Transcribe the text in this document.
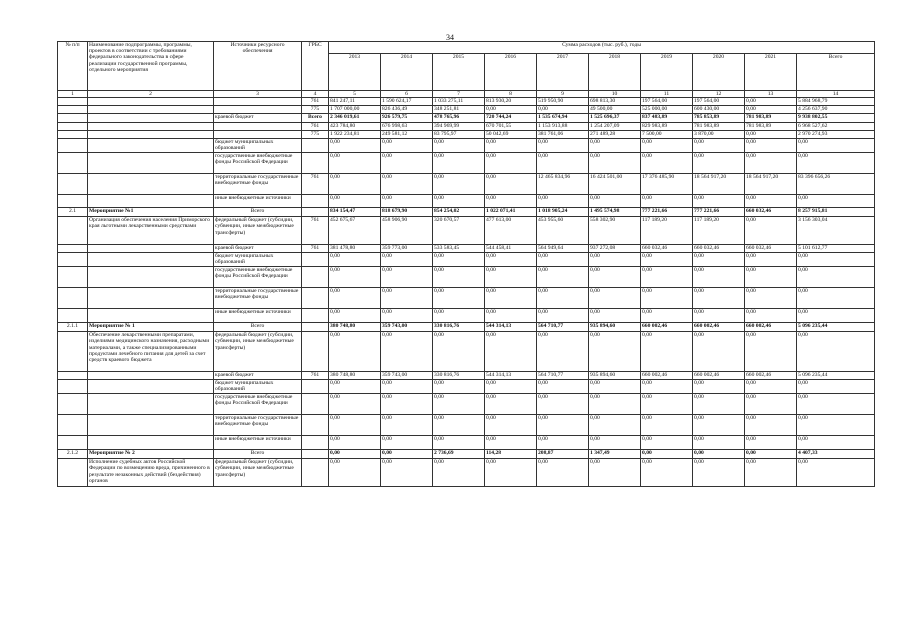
34
№ п/п	Наименование подпрограммы, программы, проектов в соответствии с требованиями федерального законодательства в сфере реализации государственной программы, отдельного мероприятия	Источники ресурсного обеспечения	ГРБС	Сумма расходов (тыс. руб.), годы									
				2013	2014	2015	2016	2017	2018	2019	2020	2021	Всего
1	2	3	4	5	6	7	8	9	10	11	12	13	14
			761	841 247,11	1 590 624,17	1 033 275,11	813 930,20	519 950,90	698 813,30	197 564,00	197 564,00	0,00	5 884 968,79
			775	1 707 000,00	826 436,49	348 251,81	0,00	0,00	49 500,00	525 000,00	600 430,00	0,00	4 256 637,90
		краевой бюджет	Всего	2 346 019,61	926 579,75	478 765,96	720 744,24	1 535 674,94	1 525 696,37	837 483,89	785 853,89	781 983,89	9 938 802,55
			761	423 784,80	676 998,63	394 969,99	670 701,55	1 153 913,88	1 254 207,09	829 983,89	781 983,89	781 983,89	6 968 527,62
			775	1 922 234,81	249 581,12	83 795,97	50 042,69	381 761,06	271 489,28	7 500,00	3 870,00	0,00	2 970 274,93
		бюджет муниципальных образований		0,00	0,00	0,00	0,00	0,00	0,00	0,00	0,00	0,00	0,00
		государственные внебюджетные фонды Российской Федерации		0,00	0,00	0,00	0,00	0,00	0,00	0,00	0,00	0,00	0,00
		территориальные государственные внебюджетные фонды	761	0,00	0,00	0,00	0,00	12 465 834,96	16 424 501,00	17 376 485,90	18 564 917,20	18 564 917,20	83 396 656,26
		иные внебюджетные источники		0,00	0,00	0,00	0,00	0,00	0,00	0,00	0,00	0,00	0,00
2.1	Мероприятие №1	Всего		834 154,47	818 679,90	854 254,02	1 022 071,41	1 018 905,24	1 495 574,98	777 221,66	777 221,66	660 032,46	8 257 915,81
	Организация обеспечения населения Приморского края льготными лекарственными средствами	федеральный бюджет (субсидии, субвенции, иные межбюджетные трансферты)	761	452 675,67	458 906,90	320 670,57	477 613,00	453 955,60	558 302,90	117 189,20	117 189,20	0,00	3 156 303,04
		краевой бюджет	761	381 478,80	359 773,00	533 583,45	544 458,41	564 949,64	937 272,08	660 032,46	660 032,46	660 032,46	5 101 612,77
		бюджет муниципальных образований		0,00	0,00	0,00	0,00	0,00	0,00	0,00	0,00	0,00	0,00
		государственные внебюджетные фонды Российской Федерации		0,00	0,00	0,00	0,00	0,00	0,00	0,00	0,00	0,00	0,00
		территориальные государственные внебюджетные фонды		0,00	0,00	0,00	0,00	0,00	0,00	0,00	0,00	0,00	0,00
		иные внебюджетные источники		0,00	0,00	0,00	0,00	0,00	0,00	0,00	0,00	0,00	0,00
2.1.1	Мероприятие № 1	Всего		380 748,80	359 743,00	330 816,76	544 314,13	564 710,77	935 894,60	660 002,46	660 002,46	660 002,46	5 096 235,44
	Обеспечение лекарственными препаратами, изделиями медицинского назначения, расходными материалами, а также специализированными продуктами лечебного питания для детей за счет средств краевого бюджета	федеральный бюджет (субсидии, субвенции, иные межбюджетные трансферты)		0,00	0,00	0,00	0,00	0,00	0,00	0,00	0,00	0,00	0,00
		краевой бюджет	761	380 748,80	359 743,00	330 816,76	544 314,13	564 710,77	935 894,60	660 002,46	660 002,46	660 002,46	5 096 235,44
		бюджет муниципальных образований		0,00	0,00	0,00	0,00	0,00	0,00	0,00	0,00	0,00	0,00
		государственные внебюджетные фонды Российской Федерации		0,00	0,00	0,00	0,00	0,00	0,00	0,00	0,00	0,00	0,00
		территориальные государственные внебюджетные фонды		0,00	0,00	0,00	0,00	0,00	0,00	0,00	0,00	0,00	0,00
		иные внебюджетные источники		0,00	0,00	0,00	0,00	0,00	0,00	0,00	0,00	0,00	0,00
2.1.2	Мероприятие № 2	Всего		0,00	0,00	2 736,69	114,28	208,87	1 347,49	0,00	0,00	0,00	4 407,33
	Исполнение судебных актов Российской Федерации по возмещению вреда, причиненного в результате незаконных действий (бездействия) органов	федеральный бюджет (субсидии, субвенции, иные межбюджетные трансферты)		0,00	0,00	0,00	0,00	0,00	0,00	0,00	0,00	0,00	0,00
